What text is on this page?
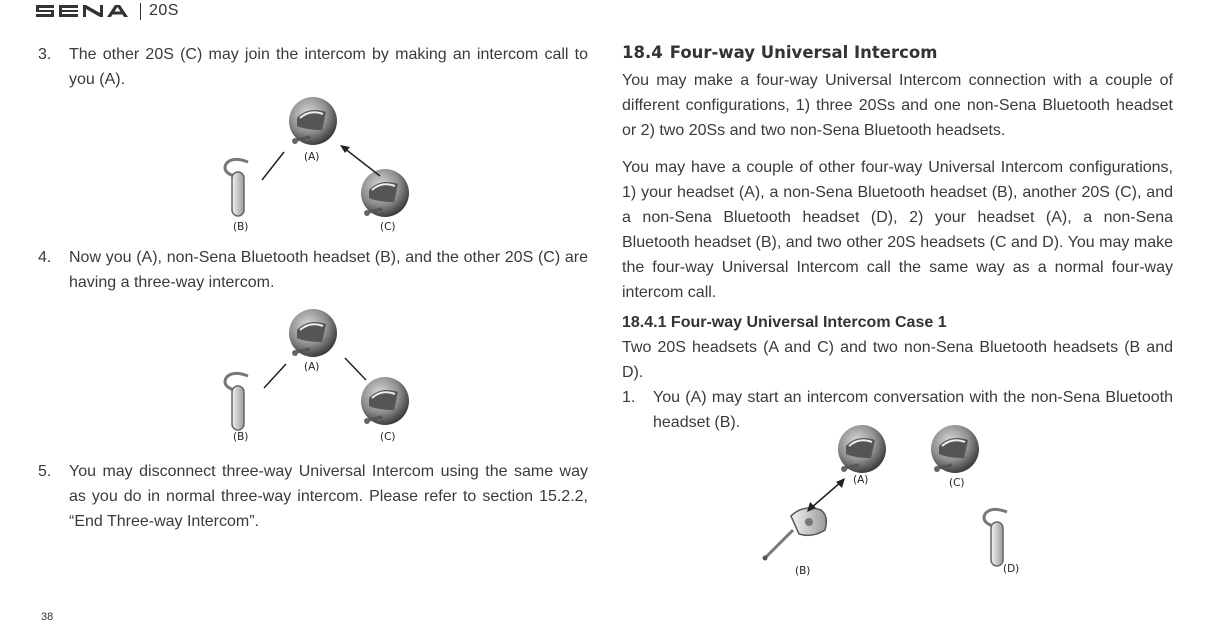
20S
3.	The other 20S (C) may join the intercom by making an intercom call to you (A).
4.	Now you (A), non-Sena Bluetooth headset (B), and the other 20S (C) are having a three-way intercom.
5.	You may disconnect three-way Universal Intercom using the same way as you do in normal three-way intercom. Please refer to section 15.2.2, “End Three-way Intercom”.
(A)
(B)	(C)
(A)
(B)	(C)
18.4 Four-way Universal Intercom

You may make a four-way Universal Intercom connection with a couple of different configurations, 1) three 20Ss and one non-Sena Bluetooth headset or 2) two 20Ss and two non-Sena Bluetooth headsets.

You may have a couple of other four-way Universal Intercom configurations, 1) your headset (A), a non-Sena Bluetooth headset (B), another 20S (C), and a non-Sena Bluetooth headset (D), 2) your headset (A), a non-Sena Bluetooth headset (B), and two other 20S headsets (C and D). You may make the four-way Universal Intercom call the same way as a normal four-way intercom call.

18.4.1 Four-way Universal Intercom Case 1

Two 20S headsets (A and C) and two non-Sena Bluetooth headsets (B and D).

1.	You (A) may start an intercom conversation with the non-Sena Bluetooth headset (B).
(A)	(C)
(B)	(D)
38
